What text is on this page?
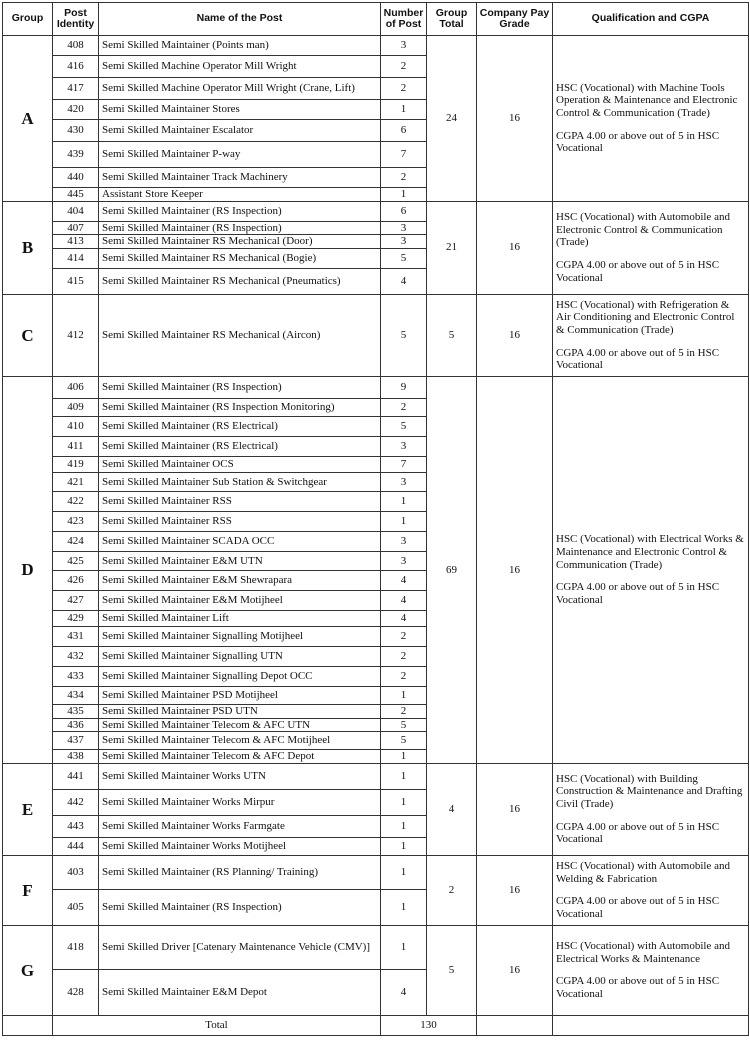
Group	Post Identity	Name of the Post	Number of Post	Group Total	Company Pay Grade	Qualification and CGPA
A	408	Semi Skilled Maintainer (Points man)	3	24	16	HSC (Vocational) with Machine Tools Operation & Maintenance and Electronic Control & Communication (Trade)

CGPA 4.00 or above out of 5 in HSC Vocational

	416	Semi Skilled Machine Operator Mill Wright	2			
	417	Semi Skilled Machine Operator Mill Wright (Crane, Lift)	2			
	420	Semi Skilled Maintainer Stores	1			
	430	Semi Skilled Maintainer Escalator	6			
	439	Semi Skilled Maintainer P-way	7			
	440	Semi Skilled Maintainer Track Machinery	2			
	445	Assistant Store Keeper	1			
B	404	Semi Skilled Maintainer (RS Inspection)	6	21	16	HSC (Vocational) with Automobile and Electronic Control & Communication (Trade)

CGPA 4.00 or above out of 5 in HSC Vocational

	407	Semi Skilled Maintainer (RS Inspection)	3			
	413	Semi Skilled Maintainer RS Mechanical (Door)	3			
	414	Semi Skilled Maintainer RS Mechanical (Bogie)	5			
	415	Semi Skilled Maintainer RS Mechanical (Pneumatics)	4			
C	412	Semi Skilled Maintainer RS Mechanical (Aircon)	5	5	16	HSC (Vocational) with Refrigeration & Air Conditioning and Electronic Control & Communication (Trade)

CGPA 4.00 or above out of 5 in HSC Vocational

D	406	Semi Skilled Maintainer (RS Inspection)	9	69	16	HSC (Vocational) with Electrical Works & Maintenance and Electronic Control & Communication (Trade)

CGPA 4.00 or above out of 5 in HSC Vocational

	409	Semi Skilled Maintainer (RS Inspection Monitoring)	2			
	410	Semi Skilled Maintainer (RS Electrical)	5			
	411	Semi Skilled Maintainer (RS Electrical)	3			
	419	Semi Skilled Maintainer OCS	7			
	421	Semi Skilled Maintainer Sub Station & Switchgear	3			
	422	Semi Skilled Maintainer RSS	1			
	423	Semi Skilled Maintainer RSS	1			
	424	Semi Skilled Maintainer SCADA OCC	3			
	425	Semi Skilled Maintainer E&M UTN	3			
	426	Semi Skilled Maintainer E&M Shewrapara	4			
	427	Semi Skilled Maintainer E&M Motijheel	4			
	429	Semi Skilled Maintainer Lift	4			
	431	Semi Skilled Maintainer Signalling Motijheel	2			
	432	Semi Skilled Maintainer Signalling UTN	2			
	433	Semi Skilled Maintainer Signalling Depot OCC	2			
	434	Semi Skilled Maintainer PSD Motijheel	1			
	435	Semi Skilled Maintainer PSD UTN	2			
	436	Semi Skilled Maintainer Telecom & AFC UTN	5			
	437	Semi Skilled Maintainer Telecom & AFC Motijheel	5			
	438	Semi Skilled Maintainer Telecom & AFC Depot	1			
E	441	Semi Skilled Maintainer Works UTN	1	4	16	HSC (Vocational) with Building Construction & Maintenance and Drafting Civil (Trade)

CGPA 4.00 or above out of 5 in HSC Vocational

	442	Semi Skilled Maintainer Works Mirpur	1			
	443	Semi Skilled Maintainer Works Farmgate	1			
	444	Semi Skilled Maintainer Works Motijheel	1			
F	403	Semi Skilled Maintainer (RS Planning/ Training)	1	2	16	HSC (Vocational) with Automobile and Welding & Fabrication

CGPA 4.00 or above out of 5 in HSC Vocational

	405	Semi Skilled Maintainer (RS Inspection)	1			
G	418	Semi Skilled Driver [Catenary Maintenance Vehicle (CMV)]	1	5	16	HSC (Vocational) with Automobile and Electrical Works & Maintenance

CGPA 4.00 or above out of 5 in HSC Vocational

	428	Semi Skilled Maintainer E&M Depot	4			
	Total		130			
